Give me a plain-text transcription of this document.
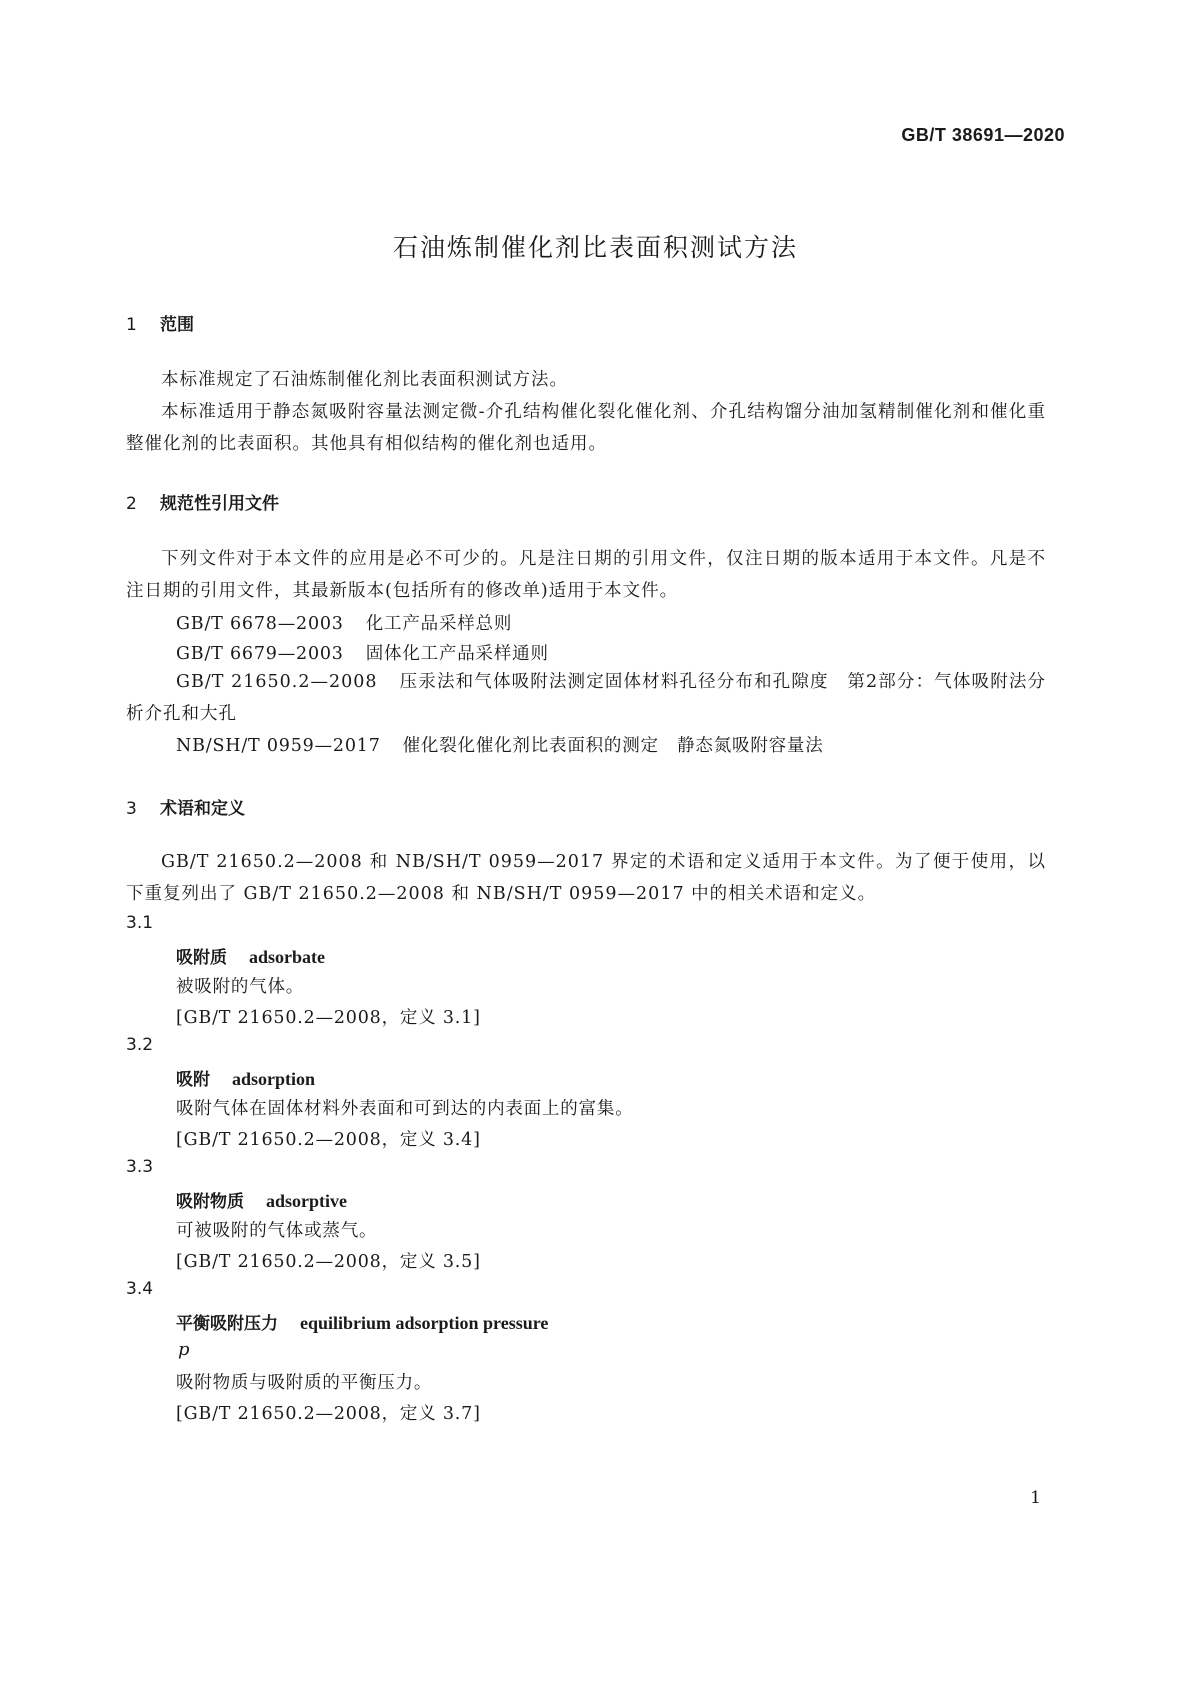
GB/T 38691—2020
石油炼制催化剂比表面积测试方法
1 范围
本标准规定了石油炼制催化剂比表面积测试方法。
本标准适用于静态氮吸附容量法测定微-介孔结构催化裂化催化剂、介孔结构馏分油加氢精制催化剂和催化重整催化剂的比表面积。其他具有相似结构的催化剂也适用。
2 规范性引用文件
下列文件对于本文件的应用是必不可少的。凡是注日期的引用文件，仅注日期的版本适用于本文件。凡是不注日期的引用文件，其最新版本(包括所有的修改单)适用于本文件。
GB/T 6678—2003 化工产品采样总则
GB/T 6679—2003 固体化工产品采样通则
GB/T 21650.2—2008 压汞法和气体吸附法测定固体材料孔径分布和孔隙度　第2部分：气体吸附法分析介孔和大孔
NB/SH/T 0959—2017 催化裂化催化剂比表面积的测定　静态氮吸附容量法
3 术语和定义
GB/T 21650.2—2008 和 NB/SH/T 0959—2017 界定的术语和定义适用于本文件。为了便于使用，以下重复列出了 GB/T 21650.2—2008 和 NB/SH/T 0959—2017 中的相关术语和定义。
3.1
吸附质 adsorbate
被吸附的气体。
[GB/T 21650.2—2008，定义 3.1]
3.2
吸附 adsorption
吸附气体在固体材料外表面和可到达的内表面上的富集。
[GB/T 21650.2—2008，定义 3.4]
3.3
吸附物质 adsorptive
可被吸附的气体或蒸气。
[GB/T 21650.2—2008，定义 3.5]
3.4
平衡吸附压力 equilibrium adsorption pressure
p
吸附物质与吸附质的平衡压力。
[GB/T 21650.2—2008，定义 3.7]
1
